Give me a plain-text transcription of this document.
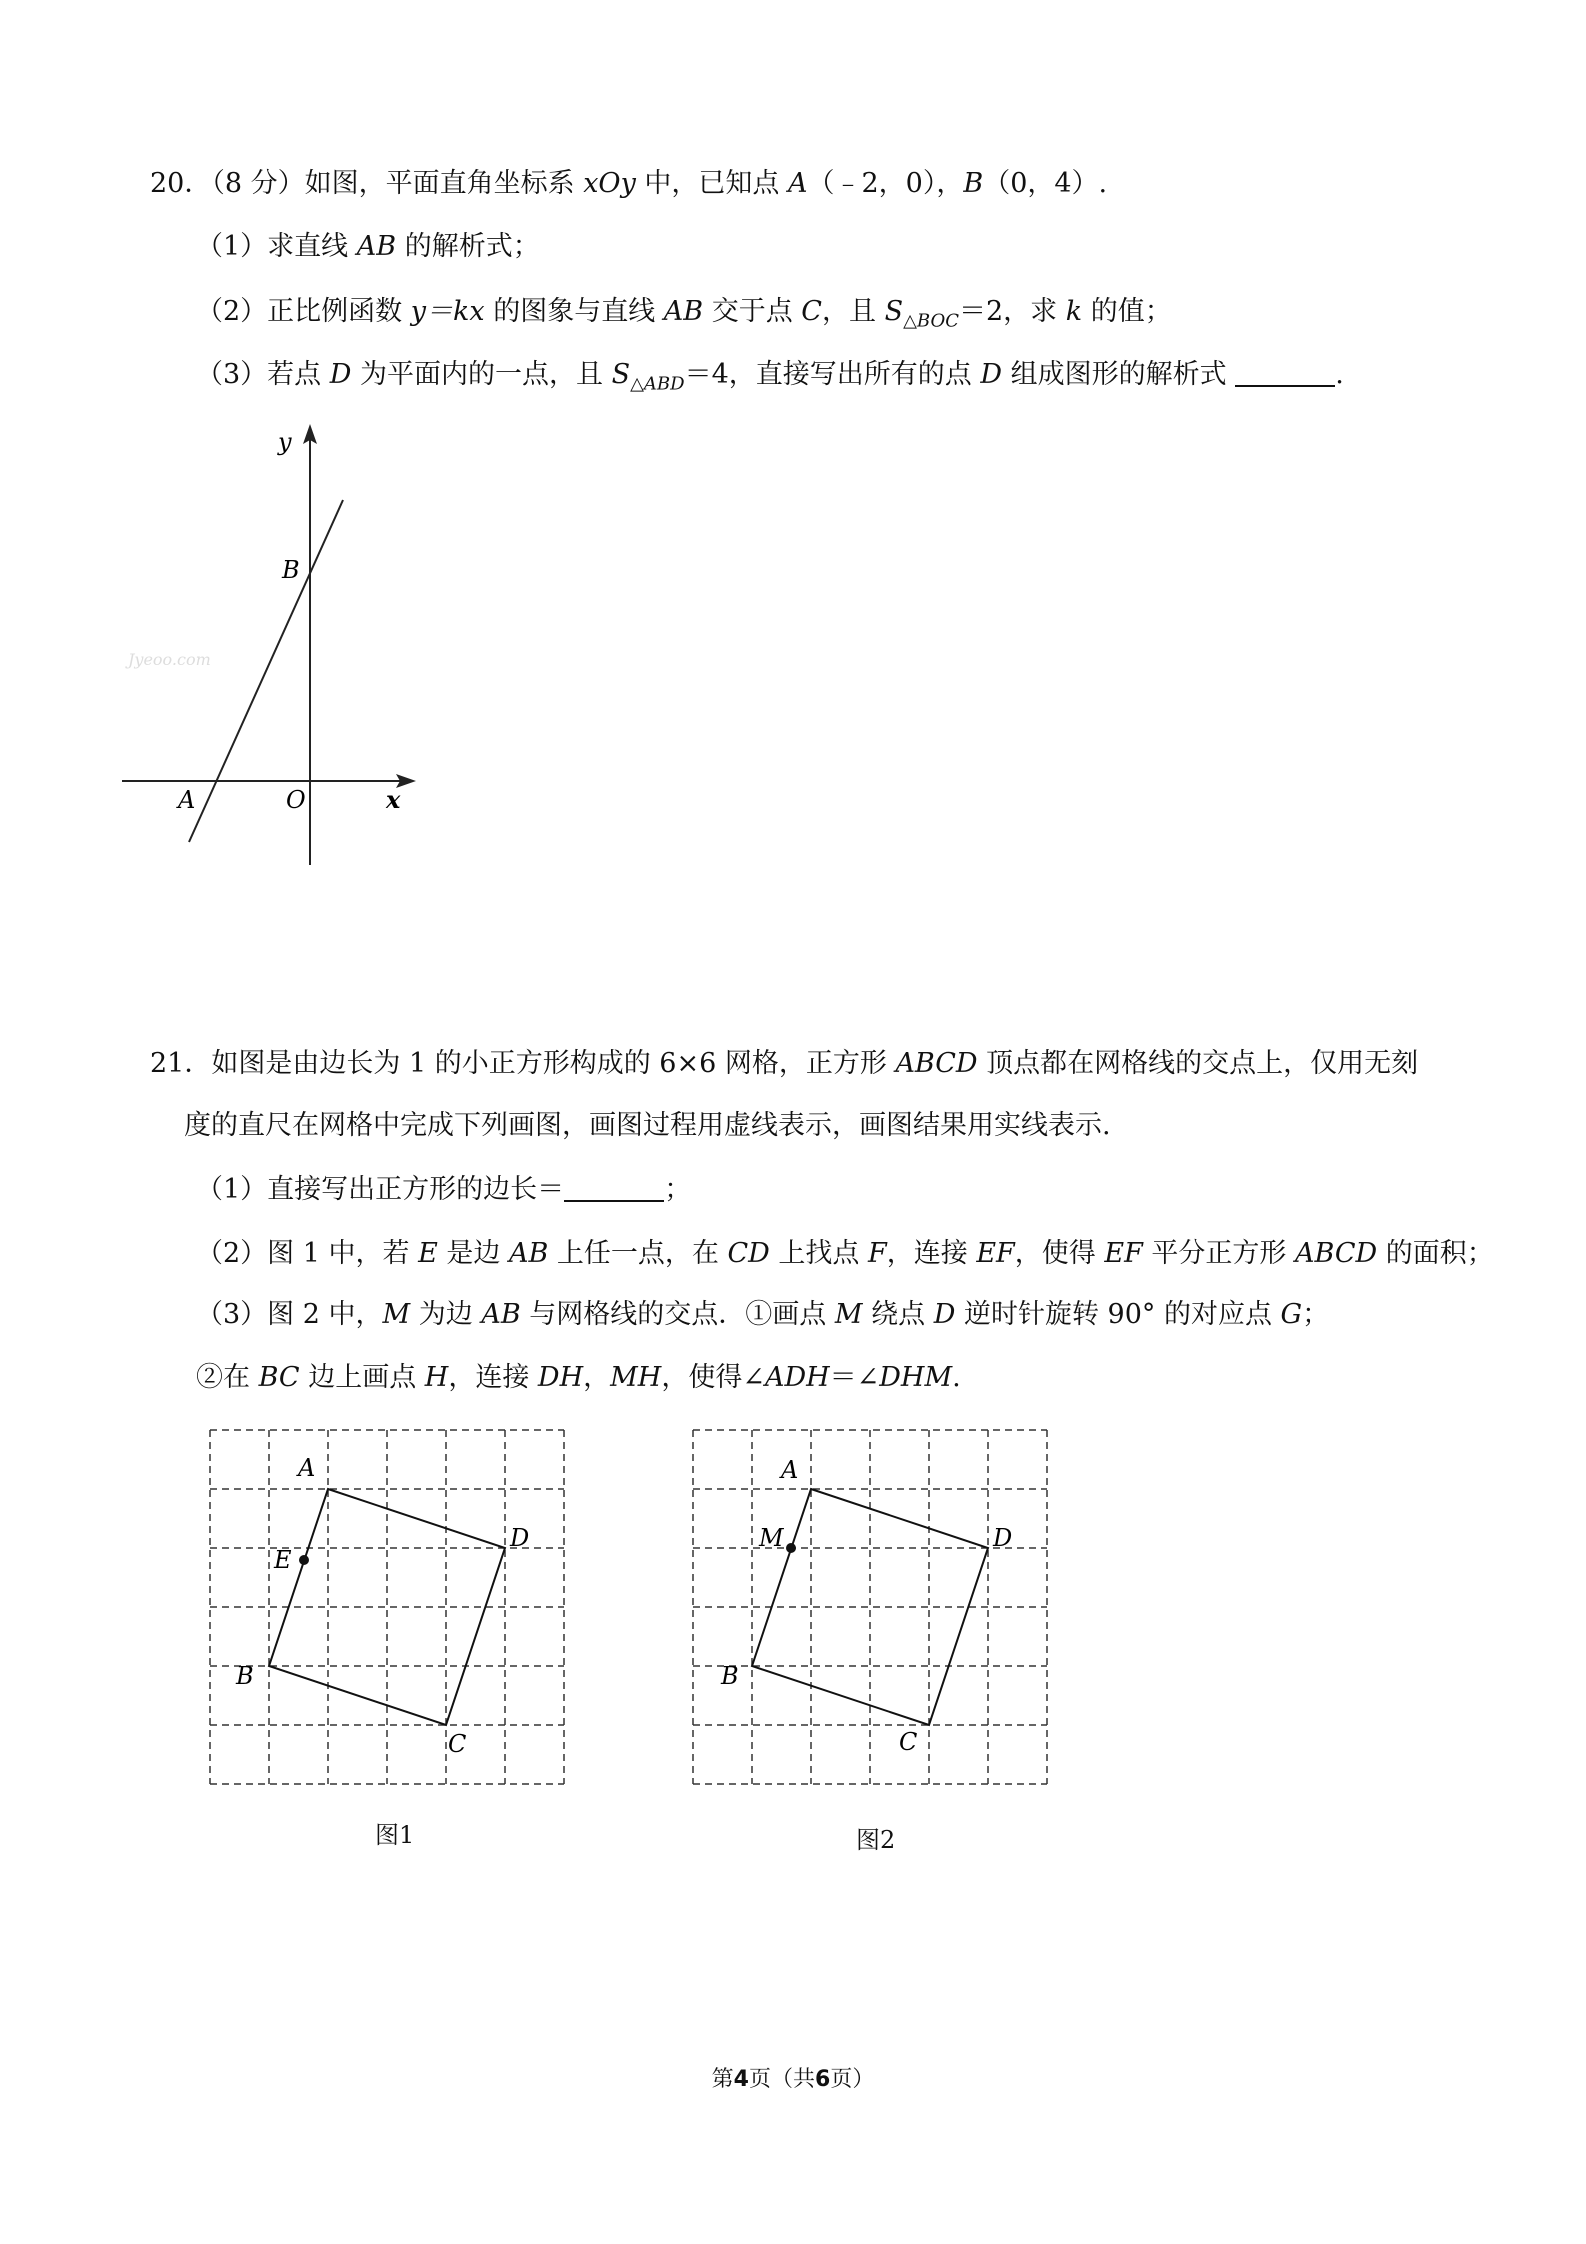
20．（8 分）如图，平面直角坐标系 xOy 中，已知点 A（﹣2，0），B（0，4）.
（1）求直线 AB 的解析式；
（2）正比例函数 y＝kx 的图象与直线 AB 交于点 C，且 $S_{\triangle BOC}=2$，求 k 的值；
（3）若点 D 为平面内的一点，且 $S_{\triangle ABD}=4$，直接写出所有的点 D 组成图形的解析式	.
y
B
A	O	x
Jyeoo.com
21．如图是由边长为 1 的小正方形构成的 6×6 网格，正方形 ABCD 顶点都在网格线的交点上，仅用无刻
度的直尺在网格中完成下列画图，画图过程用虚线表示，画图结果用实线表示.
（1）直接写出正方形的边长＝	；
（2）图 1 中，若 E 是边 AB 上任一点，在 CD 上找点 F，连接 EF，使得 EF 平分正方形 ABCD 的面积；
（3）图 2 中，M 为边 AB 与网格线的交点．①画点 M 绕点 D 逆时针旋转 90° 的对应点 G；
②在 BC 边上画点 H，连接 DH，MH，使得∠ADH＝∠DHM.
A
D
E
B
C
图1
A
M	D
B
C
图2
第4页（共6页）
